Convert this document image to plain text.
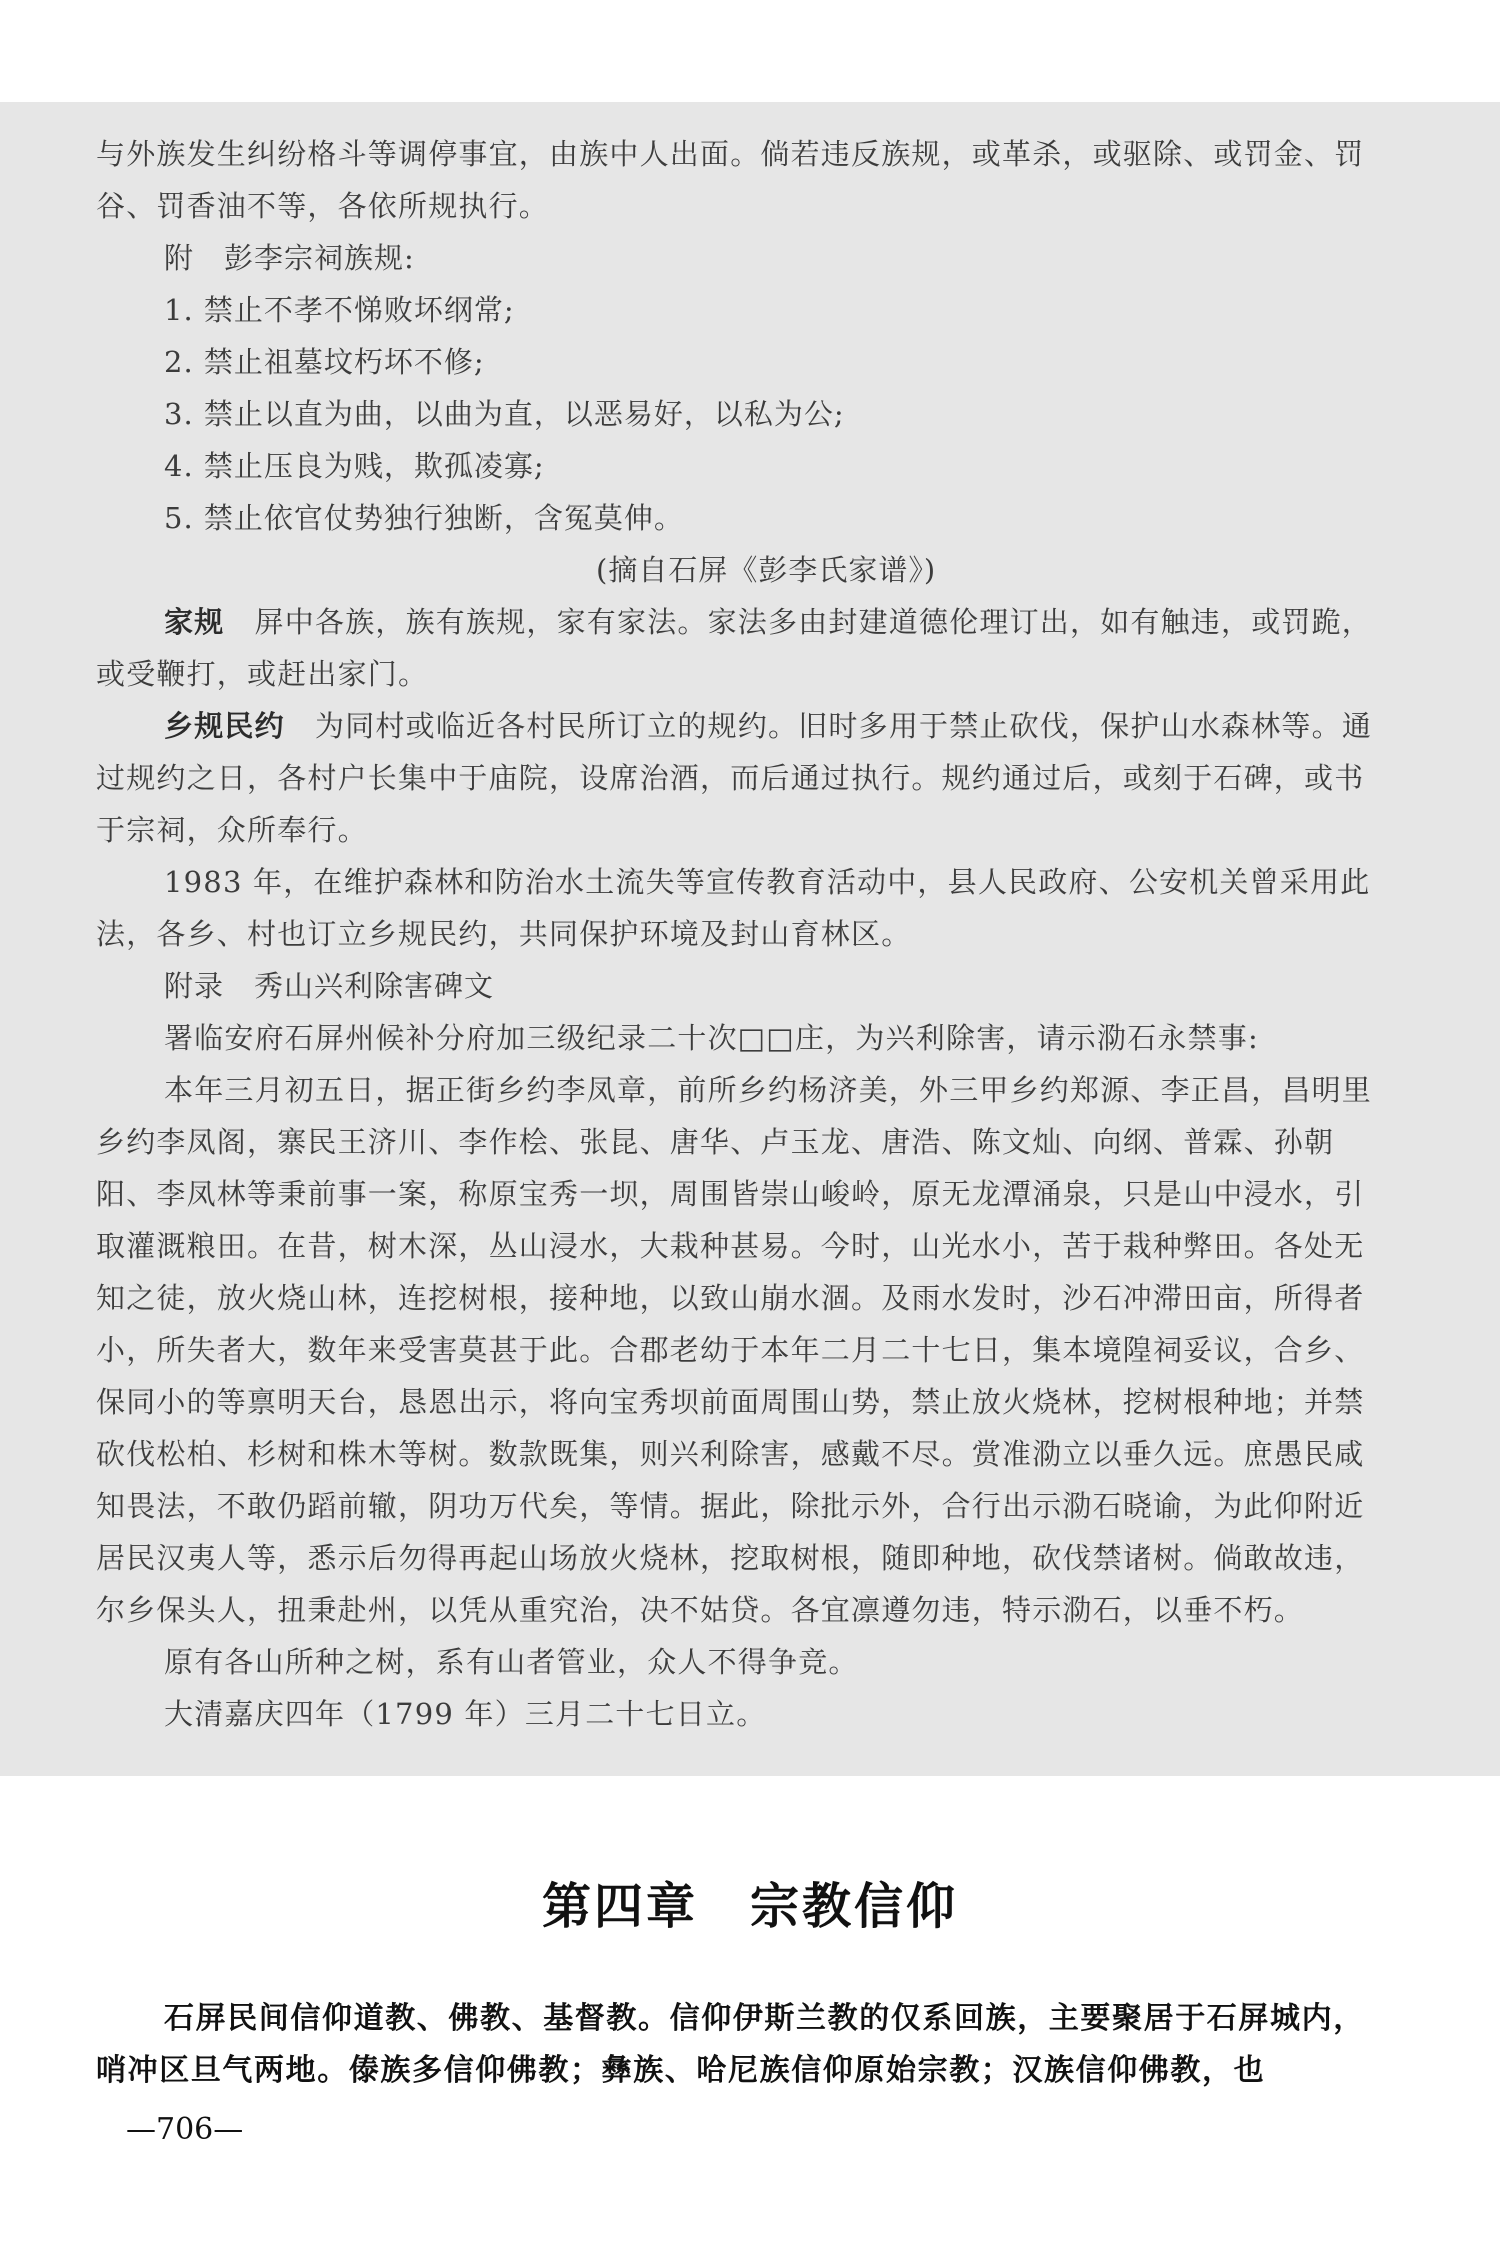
与外族发生纠纷格斗等调停事宜，由族中人出面。倘若违反族规，或革杀，或驱除、或罚金、罚谷、罚香油不等，各依所规执行。

附　彭李宗祠族规:

1. 禁止不孝不悌败坏纲常;

2. 禁止祖墓坟朽坏不修;

3. 禁止以直为曲，以曲为直，以恶易好，以私为公;

4. 禁止压良为贱，欺孤凌寡;

5. 禁止依官仗势独行独断，含冤莫伸。

(摘自石屏《彭李氏家谱》)

家规　 屏中各族，族有族规，家有家法。家法多由封建道德伦理订出，如有触违，或罚跪，或受鞭打，或赶出家门。

乡规民约　 为同村或临近各村民所订立的规约。旧时多用于禁止砍伐，保护山水森林等。通过规约之日，各村户长集中于庙院，设席治酒，而后通过执行。规约通过后，或刻于石碑，或书于宗祠，众所奉行。

1983 年，在维护森林和防治水土流失等宣传教育活动中，县人民政府、公安机关曾采用此法，各乡、村也订立乡规民约，共同保护环境及封山育林区。

附录　秀山兴利除害碑文

署临安府石屏州候补分府加三级纪录二十次□□庄，为兴利除害，请示泐石永禁事:

本年三月初五日，据正街乡约李凤章，前所乡约杨济美，外三甲乡约郑源、李正昌，昌明里乡约李凤阁，寨民王济川、李作桧、张昆、唐华、卢玉龙、唐浩、陈文灿、向纲、普霖、孙朝阳、李凤林等秉前事一案，称原宝秀一坝，周围皆崇山峻岭，原无龙潭涌泉，只是山中浸水，引取灌溉粮田。在昔，树木深，丛山浸水，大栽种甚易。今时，山光水小，苦于栽种弊田。各处无知之徒，放火烧山林，连挖树根，接种地，以致山崩水涸。及雨水发时，沙石冲滞田亩，所得者小，所失者大，数年来受害莫甚于此。合郡老幼于本年二月二十七日，集本境隍祠妥议，合乡、保同小的等禀明天台，恳恩出示，将向宝秀坝前面周围山势，禁止放火烧林，挖树根种地；并禁砍伐松柏、杉树和株木等树。数款既集，则兴利除害，感戴不尽。赏准泐立以垂久远。庶愚民咸知畏法，不敢仍蹈前辙，阴功万代矣，等情。据此，除批示外，合行出示泐石晓谕，为此仰附近居民汉夷人等，悉示后勿得再起山场放火烧林，挖取树根，随即种地，砍伐禁诸树。倘敢故违，尔乡保头人，扭秉赴州，以凭从重究治，决不姑贷。各宜凛遵勿违，特示泐石，以垂不朽。

原有各山所种之树，系有山者管业，众人不得争竞。

大清嘉庆四年（1799 年）三月二十七日立。

第四章　宗教信仰

石屏民间信仰道教、佛教、基督教。信仰伊斯兰教的仅系回族，主要聚居于石屏城内，哨冲区旦气两地。傣族多信仰佛教；彝族、哈尼族信仰原始宗教；汉族信仰佛教，也

—706—
